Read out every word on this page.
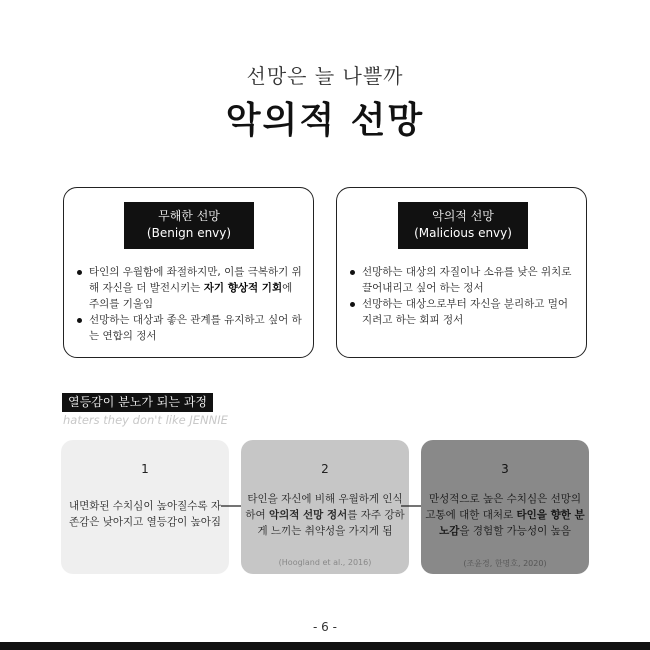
선망은 늘 나쁠까
악의적 선망
무해한 선망
(Benign envy)
타인의 우월함에 좌절하지만, 이를 극복하기 위해 자신을 더 발전시키는 자기 향상적 기회에 주의를 기울임
선망하는 대상과 좋은 관계를 유지하고 싶어 하는 연합의 정서
악의적 선망
(Malicious envy)
선망하는 대상의 자질이나 소유를 낮은 위치로 끌어내리고 싶어 하는 정서
선망하는 대상으로부터 자신을 분리하고 멀어지려고 하는 회피 정서
열등감이 분노가 되는 과정
haters they don't like JENNIE
1
내면화된 수치심이 높아질수록 자존감은 낮아지고 열등감이 높아짐
2
타인을 자신에 비해 우월하게 인식하여 악의적 선망 정서를 자주 강하게 느끼는 취약성을 가지게 됨
(Hoogland et al., 2016)
3
만성적으로 높은 수치심은 선망의 고통에 대한 대처로 타인을 향한 분노감을 경험할 가능성이 높음
(조윤경, 한명호, 2020)
- 6 -
